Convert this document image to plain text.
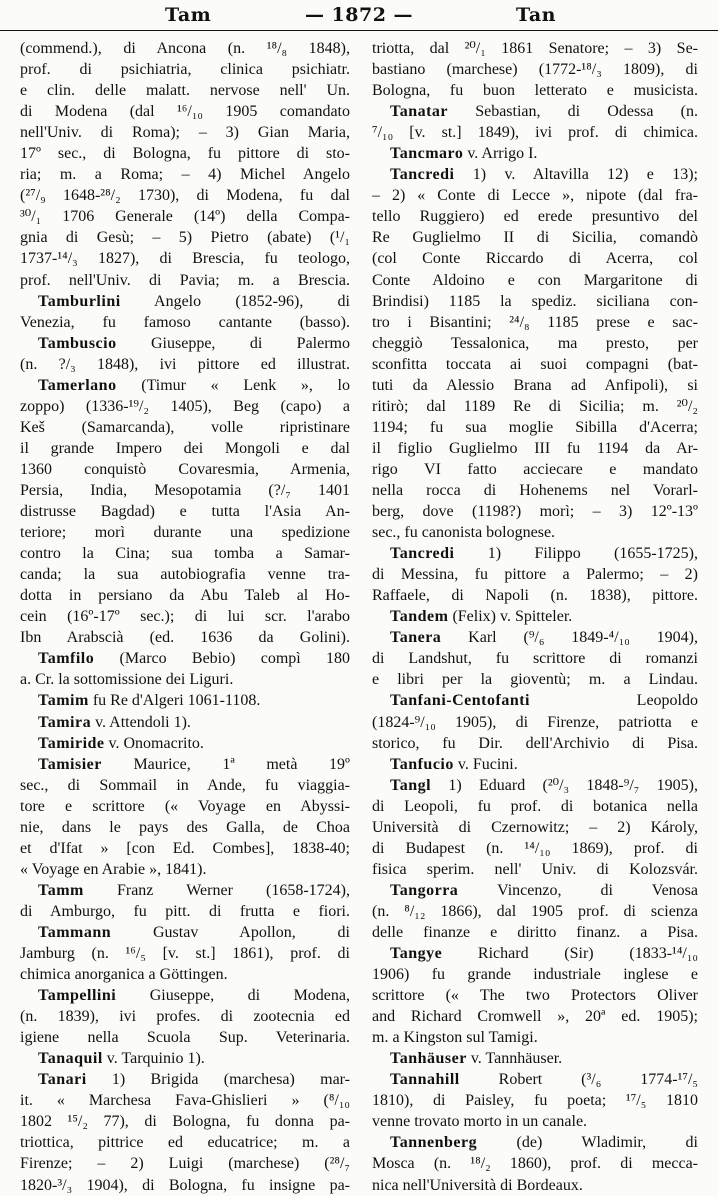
Tam	— 1872 —	Tan
(commend.), di Ancona (n. ¹⁸/₈ 1848),
prof. di psichiatria, clinica psichiatr.
e clin. delle malatt. nervose nell' Un.
di Modena (dal ¹⁶/₁₀ 1905 comandato
nell'Univ. di Roma); – 3) Gian Maria,
17º sec., di Bologna, fu pittore di sto-
ria; m. a Roma; – 4) Michel Angelo
(²⁷/₉ 1648-²⁸/₂ 1730), di Modena, fu dal
³⁰/₁ 1706 Generale (14º) della Compa-
gnia di Gesù; – 5) Pietro (abate) (¹/₁
1737-¹⁴/₃ 1827), di Brescia, fu teologo,
prof. nell'Univ. di Pavia; m. a Brescia.
Tamburlini Angelo (1852-96), di
Venezia, fu famoso cantante (basso).
Tambuscio Giuseppe, di Palermo
(n. ?/₃ 1848), ivi pittore ed illustrat.
Tamerlano (Timur « Lenk », lo
zoppo) (1336-¹⁹/₂ 1405), Beg (capo) a
Keš (Samarcanda), volle ripristinare
il grande Impero dei Mongoli e dal
1360 conquistò Covaresmia, Armenia,
Persia, India, Mesopotamia (?/₇ 1401
distrusse Bagdad) e tutta l'Asia An-
teriore; morì durante una spedizione
contro la Cina; sua tomba a Samar-
canda; la sua autobiografia venne tra-
dotta in persiano da Abu Taleb al Ho-
cein (16º-17º sec.); di lui scr. l'arabo
Ibn Arabscià (ed. 1636 da Golini).
Tamfilo (Marco Bebio) compì 180
a. Cr. la sottomissione dei Liguri.
Tamim fu Re d'Algeri 1061-1108.
Tamira v. Attendoli 1).
Tamiride v. Onomacrito.
Tamisier Maurice, 1ª metà 19º
sec., di Sommail in Ande, fu viaggia-
tore e scrittore (« Voyage en Abyssi-
nie, dans le pays des Galla, de Choa
et d'Ifat » [con Ed. Combes], 1838-40;
« Voyage en Arabie », 1841).
Tamm Franz Werner (1658-1724),
di Amburgo, fu pitt. di frutta e fiori.
Tammann Gustav Apollon, di
Jamburg (n. ¹⁶/₅ [v. st.] 1861), prof. di
chimica anorganica a Göttingen.
Tampellini Giuseppe, di Modena,
(n. 1839), ivi profes. di zootecnia ed
igiene nella Scuola Sup. Veterinaria.
Tanaquil v. Tarquinio 1).
Tanari 1) Brigida (marchesa) mar-
it. « Marchesa Fava-Ghislieri » (⁸/₁₀
1802 ¹⁵/₂ 77), di Bologna, fu donna pa-
triottica, pittrice ed educatrice; m. a
Firenze; – 2) Luigi (marchese) (²⁸/₇
1820-³/₃ 1904), di Bologna, fu insigne pa-
triotta, dal ²⁰/₁ 1861 Senatore; – 3) Se-
bastiano (marchese) (1772-¹⁸/₃ 1809), di
Bologna, fu buon letterato e musicista.
Tanatar Sebastian, di Odessa (n.
⁷/₁₀ [v. st.] 1849), ivi prof. di chimica.
Tancmaro v. Arrigo I.
Tancredi 1) v. Altavilla 12) e 13);
– 2) « Conte di Lecce », nipote (dal fra-
tello Ruggiero) ed erede presuntivo del
Re Guglielmo II di Sicilia, comandò
(col Conte Riccardo di Acerra, col
Conte Aldoino e con Margaritone di
Brindisi) 1185 la spediz. siciliana con-
tro i Bisantini; ²⁴/₈ 1185 prese e sac-
cheggiò Tessalonica, ma presto, per
sconfitta toccata ai suoi compagni (bat-
tuti da Alessio Brana ad Anfipoli), si
ritirò; dal 1189 Re di Sicilia; m. ²⁰/₂
1194; fu sua moglie Sibilla d'Acerra;
il figlio Guglielmo III fu 1194 da Ar-
rigo VI fatto acciecare e mandato
nella rocca di Hohenems nel Vorarl-
berg, dove (1198?) morì; – 3) 12º-13º
sec., fu canonista bolognese.
Tancredi 1) Filippo (1655-1725),
di Messina, fu pittore a Palermo; – 2)
Raffaele, di Napoli (n. 1838), pittore.
Tandem (Felix) v. Spitteler.
Tanera Karl (⁹/₆ 1849-⁴/₁₀ 1904),
di Landshut, fu scrittore di romanzi
e libri per la gioventù; m. a Lindau.
Tanfani-Centofanti Leopoldo
(1824-⁹/₁₀ 1905), di Firenze, patriotta e
storico, fu Dir. dell'Archivio di Pisa.
Tanfucio v. Fucini.
Tangl 1) Eduard (²⁰/₃ 1848-⁹/₇ 1905),
di Leopoli, fu prof. di botanica nella
Università di Czernowitz; – 2) Károly,
di Budapest (n. ¹⁴/₁₀ 1869), prof. di
fisica sperim. nell' Univ. di Kolozsvár.
Tangorra Vincenzo, di Venosa
(n. ⁸/₁₂ 1866), dal 1905 prof. di scienza
delle finanze e diritto finanz. a Pisa.
Tangye Richard (Sir) (1833-¹⁴/₁₀
1906) fu grande industriale inglese e
scrittore (« The two Protectors Oliver
and Richard Cromwell », 20ª ed. 1905);
m. a Kingston sul Tamigi.
Tanhäuser v. Tannhäuser.
Tannahill Robert (³/₆ 1774-¹⁷/₅
1810), di Paisley, fu poeta; ¹⁷/₅ 1810
venne trovato morto in un canale.
Tannenberg (de) Wladimir, di
Mosca (n. ¹⁸/₂ 1860), prof. di mecca-
nica nell'Università di Bordeaux.
